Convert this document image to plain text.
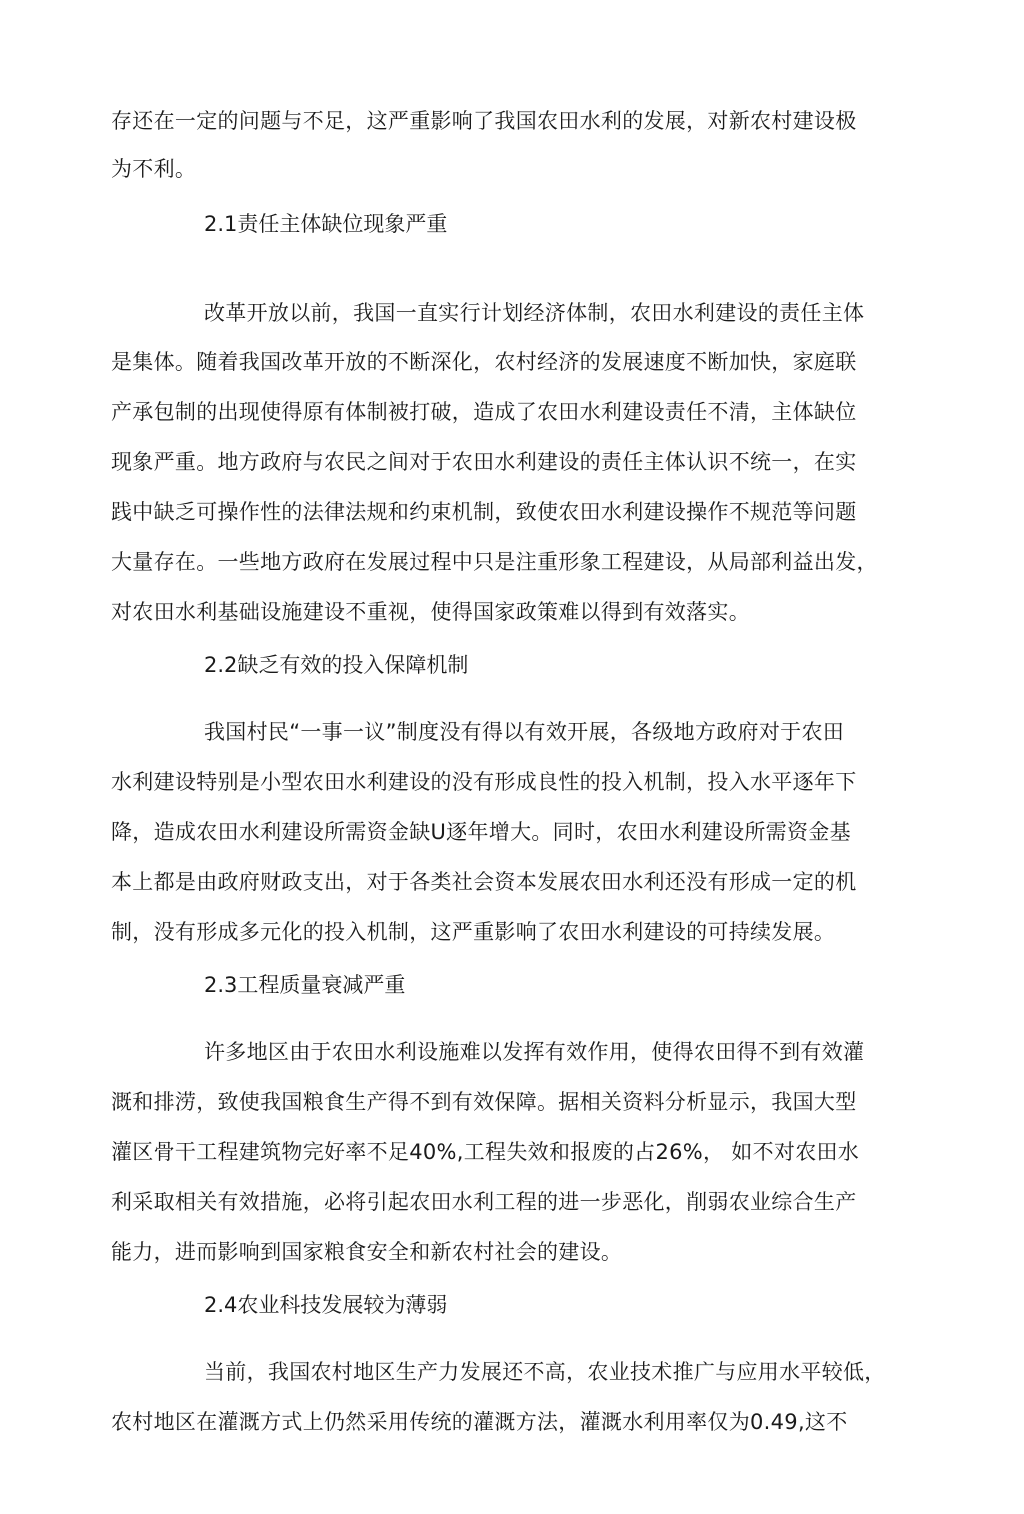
存还在一定的问题与不足，这严重影响了我国农田水利的发展，对新农村建设极
为不利。
2.1责任主体缺位现象严重
改革开放以前，我国一直实行计划经济体制，农田水利建设的责任主体
是集体。随着我国改革开放的不断深化，农村经济的发展速度不断加快，家庭联
产承包制的出现使得原有体制被打破，造成了农田水利建设责任不清，主体缺位
现象严重。地方政府与农民之间对于农田水利建设的责任主体认识不统一，在实
践中缺乏可操作性的法律法规和约束机制，致使农田水利建设操作不规范等问题
大量存在。一些地方政府在发展过程中只是注重形象工程建设，从局部利益出发，
对农田水利基础设施建设不重视，使得国家政策难以得到有效落实。
2.2缺乏有效的投入保障机制
我国村民“一事一议”制度没有得以有效开展，各级地方政府对于农田
水利建设特别是小型农田水利建设的没有形成良性的投入机制，投入水平逐年下
降，造成农田水利建设所需资金缺U逐年增大。同时，农田水利建设所需资金基
本上都是由政府财政支出，对于各类社会资本发展农田水利还没有形成一定的机
制，没有形成多元化的投入机制，这严重影响了农田水利建设的可持续发展。
2.3工程质量衰减严重
许多地区由于农田水利设施难以发挥有效作用，使得农田得不到有效灌
溉和排涝，致使我国粮食生产得不到有效保障。据相关资料分析显示，我国大型
灌区骨干工程建筑物完好率不足40%,工程失效和报废的占26%， 如不对农田水
利采取相关有效措施，必将引起农田水利工程的进一步恶化，削弱农业综合生产
能力，进而影响到国家粮食安全和新农村社会的建设。
2.4农业科技发展较为薄弱
当前，我国农村地区生产力发展还不高，农业技术推广与应用水平较低，
农村地区在灌溉方式上仍然采用传统的灌溉方法，灌溉水利用率仅为0.49,这不
